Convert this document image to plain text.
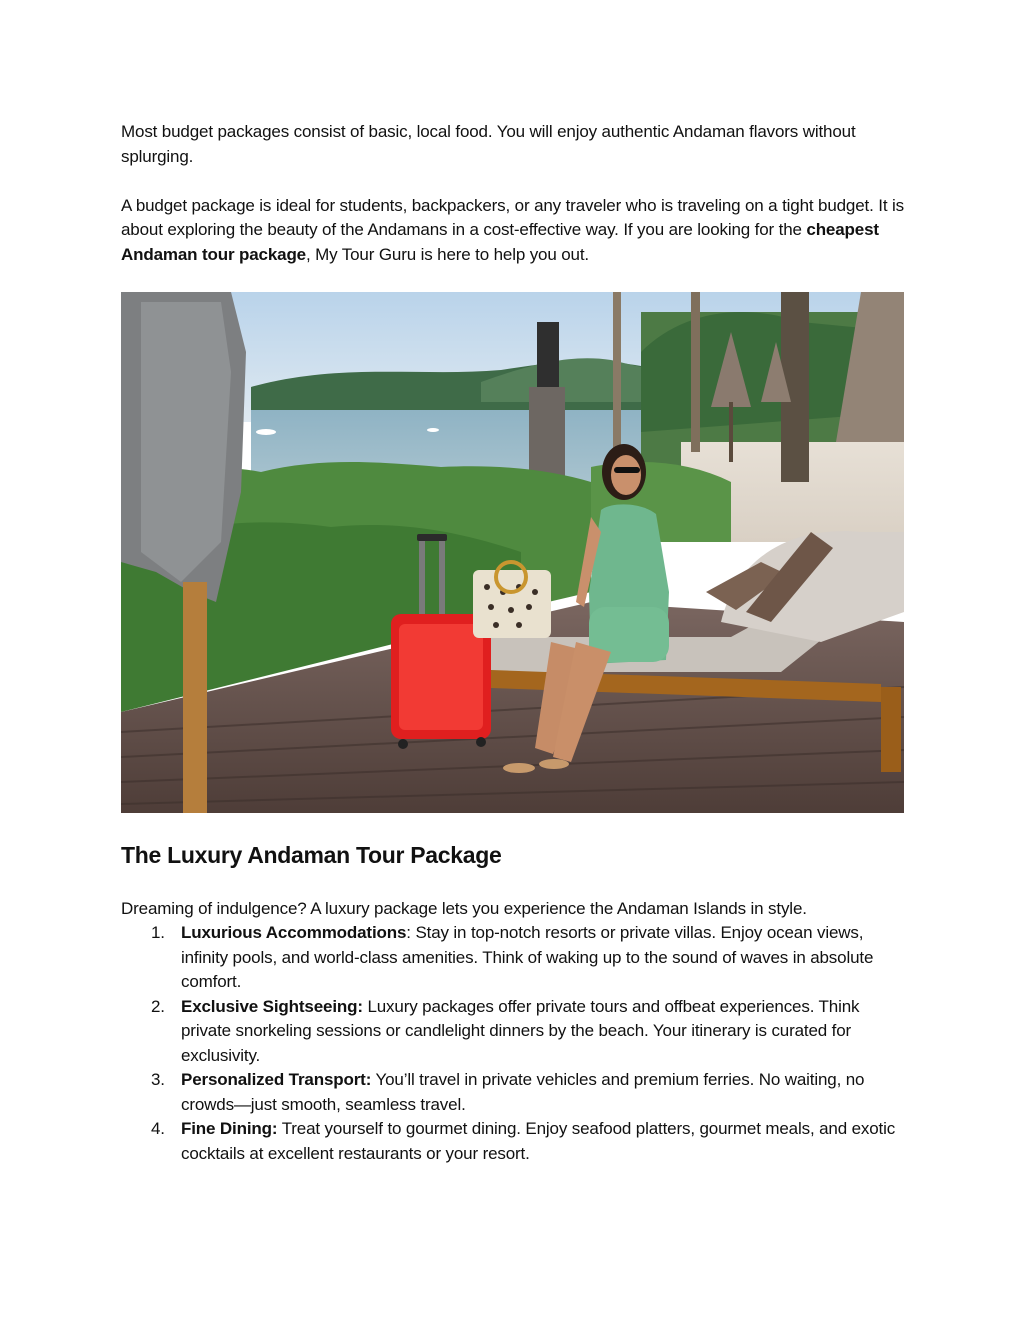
Most budget packages consist of basic, local food. You will enjoy authentic Andaman flavors without splurging.

A budget package is ideal for students, backpackers, or any traveler who is traveling on a tight budget. It is about exploring the beauty of the Andamans in a cost-effective way. If you are looking for the cheapest Andaman tour package, My Tour Guru is here to help you out.

The Luxury Andaman Tour Package

Dreaming of indulgence? A luxury package lets you experience the Andaman Islands in style.

1. Luxurious Accommodations: Stay in top-notch resorts or private villas. Enjoy ocean views, infinity pools, and world-class amenities. Think of waking up to the sound of waves in absolute comfort.
2. Exclusive Sightseeing: Luxury packages offer private tours and offbeat experiences. Think private snorkeling sessions or candlelight dinners by the beach. Your itinerary is curated for exclusivity.
3. Personalized Transport: You’ll travel in private vehicles and premium ferries. No waiting, no crowds—just smooth, seamless travel.
4. Fine Dining: Treat yourself to gourmet dining. Enjoy seafood platters, gourmet meals, and exotic cocktails at excellent restaurants or your resort.
